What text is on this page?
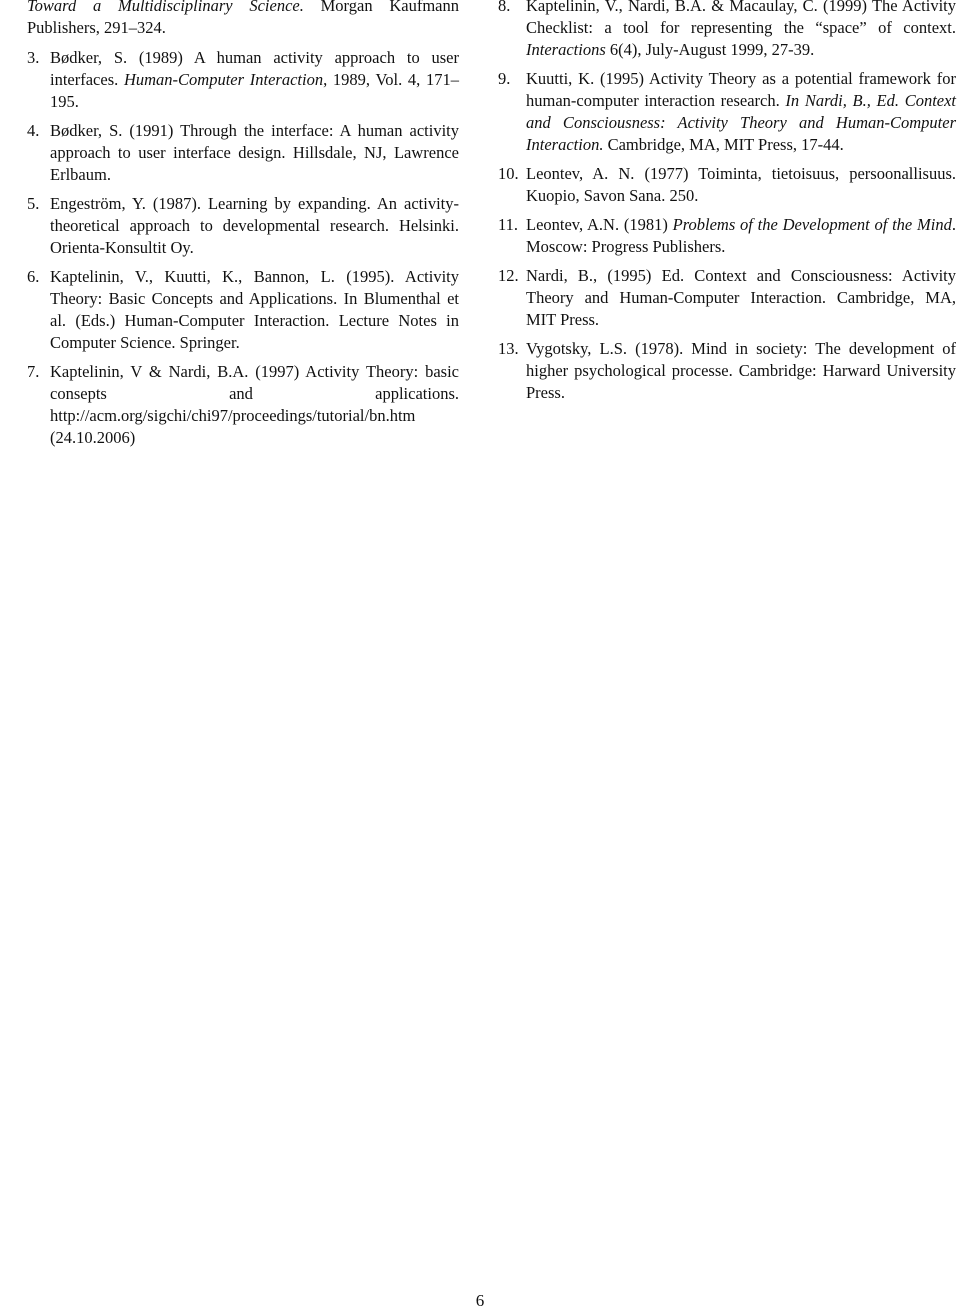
Toward a Multidisciplinary Science. Morgan Kaufmann Publishers, 291–324.
3. Bødker, S. (1989) A human activity approach to user interfaces. Human-Computer Interaction, 1989, Vol. 4, 171–195.
4. Bødker, S. (1991) Through the interface: A human activity approach to user interface design. Hillsdale, NJ, Lawrence Erlbaum.
5. Engeström, Y. (1987). Learning by expanding. An activity- theoretical approach to developmental research. Helsinki. Orienta-Konsultit Oy.
6. Kaptelinin, V., Kuutti, K., Bannon, L. (1995). Activity Theory: Basic Concepts and Applications. In Blumenthal et al. (Eds.) Human-Computer Interaction. Lecture Notes in Computer Science. Springer.
7. Kaptelinin, V & Nardi, B.A. (1997) Activity Theory: basic consepts and applications. http://acm.org/sigchi/chi97/proceedings/tutorial/bn.htm (24.10.2006)
8. Kaptelinin, V., Nardi, B.A. & Macaulay, C. (1999) The Activity Checklist: a tool for representing the “space” of context. Interactions 6(4), July-August 1999, 27-39.
9. Kuutti, K. (1995) Activity Theory as a potential framework for human-computer interaction research. In Nardi, B., Ed. Context and Consciousness: Activity Theory and Human-Computer Interaction. Cambridge, MA, MIT Press, 17-44.
10. Leontev, A. N. (1977) Toiminta, tietoisuus, persoonallisuus. Kuopio, Savon Sana. 250.
11. Leontev, A.N. (1981) Problems of the Development of the Mind. Moscow: Progress Publishers.
12. Nardi, B., (1995) Ed. Context and Consciousness: Activity Theory and Human-Computer Interaction. Cambridge, MA, MIT Press.
13. Vygotsky, L.S. (1978). Mind in society: The development of higher psychological processe. Cambridge: Harward University Press.
6
